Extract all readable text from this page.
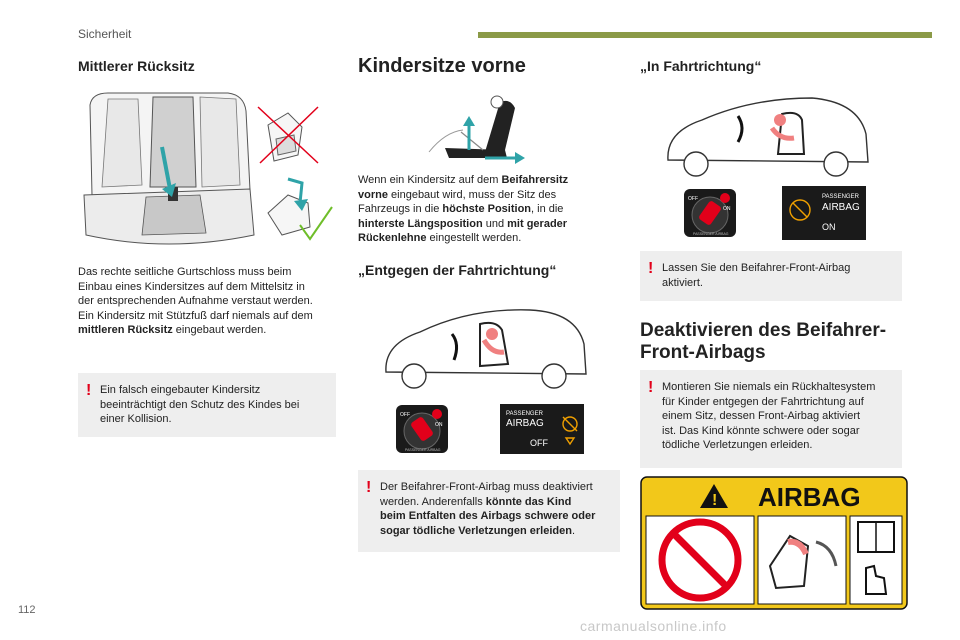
Sicherheit
Mittlerer Rücksitz
Das rechte seitliche Gurtschloss muss beim
Einbau eines Kindersitzes auf dem Mittelsitz in
der entsprechenden Aufnahme verstaut werden.
Ein Kindersitz mit Stützfuß darf niemals auf dem
mittleren Rücksitz eingebaut werden.
! Ein falsch eingebauter Kindersitz
beeinträchtigt den Schutz des Kindes bei
einer Kollision.
Kindersitze vorne
Wenn ein Kindersitz auf dem Beifahrersitz
vorne eingebaut wird, muss der Sitz des
Fahrzeugs in die höchste Position, in die
hinterste Längsposition und mit gerader
Rückenlehne eingestellt werden.
„Entgegen der Fahrtrichtung“
OFF
ON
PASSENGER AIRBAG
PASSENGER
AIRBAG
OFF
! Der Beifahrer-Front-Airbag muss deaktiviert
werden. Anderenfalls könnte das Kind
beim Entfalten des Airbags schwere oder
sogar tödliche Verletzungen erleiden.
„In Fahrtrichtung“
OFF
ON
PASSENGER AIRBAG
PASSENGER
AIRBAG
ON
! Lassen Sie den Beifahrer-Front-Airbag
aktiviert.
Deaktivieren des Beifahrer-
Front-Airbags
! Montieren Sie niemals ein Rückhaltesystem
für Kinder entgegen der Fahrtrichtung auf
einem Sitz, dessen Front-Airbag aktiviert
ist. Das Kind könnte schwere oder sogar
tödliche Verletzungen erleiden.
! AIRBAG
112
carmanualsonline.info
